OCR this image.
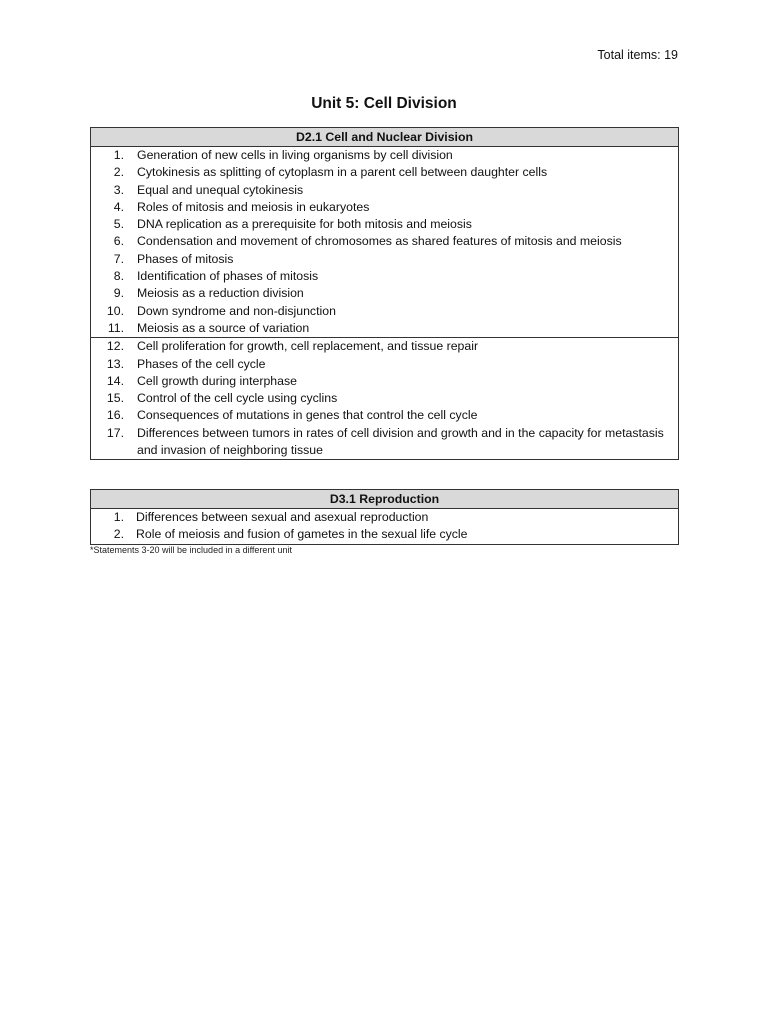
Total items: 19
Unit 5: Cell Division
D2.1 Cell and Nuclear Division
1. Generation of new cells in living organisms by cell division
2. Cytokinesis as splitting of cytoplasm in a parent cell between daughter cells
3. Equal and unequal cytokinesis
4. Roles of mitosis and meiosis in eukaryotes
5. DNA replication as a prerequisite for both mitosis and meiosis
6. Condensation and movement of chromosomes as shared features of mitosis and meiosis
7. Phases of mitosis
8. Identification of phases of mitosis
9. Meiosis as a reduction division
10. Down syndrome and non-disjunction
11. Meiosis as a source of variation
12. Cell proliferation for growth, cell replacement, and tissue repair
13. Phases of the cell cycle
14. Cell growth during interphase
15. Control of the cell cycle using cyclins
16. Consequences of mutations in genes that control the cell cycle
17. Differences between tumors in rates of cell division and growth and in the capacity for metastasis and invasion of neighboring tissue
D3.1 Reproduction
1. Differences between sexual and asexual reproduction
2. Role of meiosis and fusion of gametes in the sexual life cycle
*Statements 3-20 will be included in a different unit
